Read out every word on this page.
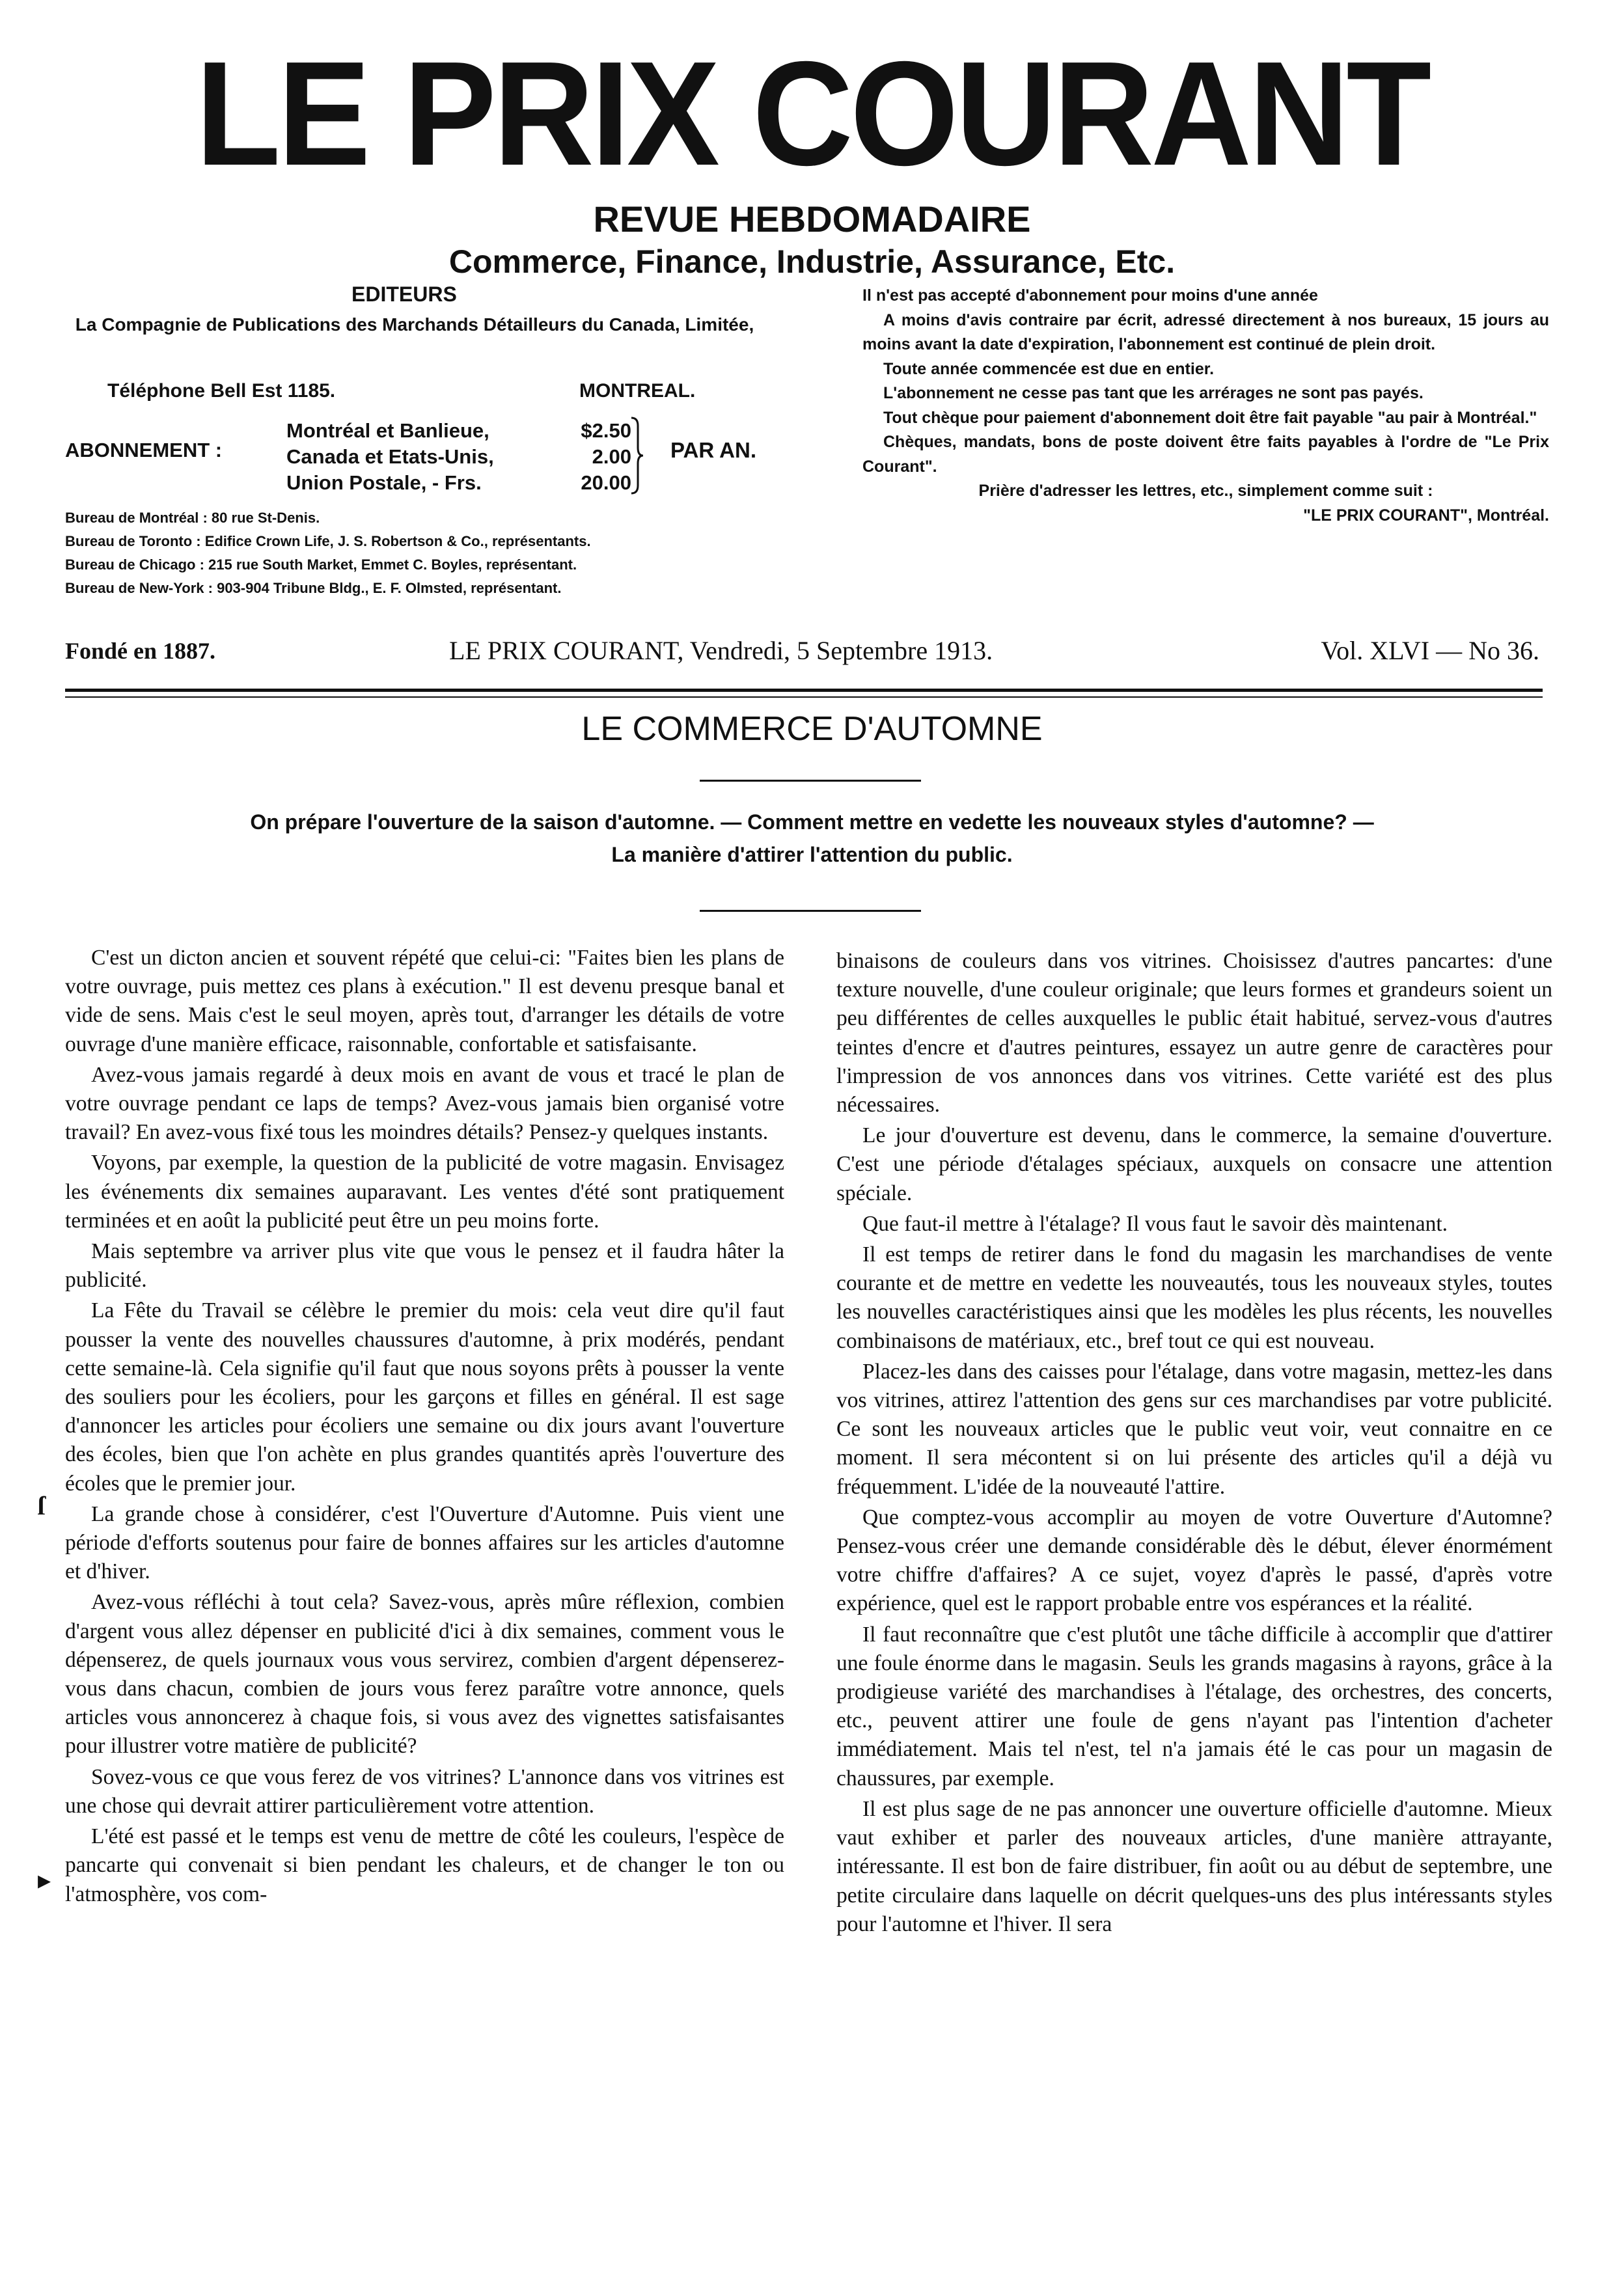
LE PRIX COURANT
REVUE HEBDOMADAIRE
Commerce, Finance, Industrie, Assurance, Etc.
EDITEURS
La Compagnie de Publications des Marchands Détailleurs du Canada, Limitée,
Téléphone Bell Est 1185.	MONTREAL.
ABONNEMENT :
Montréal et Banlieue,	$2.50
Canada et Etats-Unis,	2.00
Union Postale, - Frs.	20.00
PAR AN.
Bureau de Montréal : 80 rue St-Denis.
Bureau de Toronto : Edifice Crown Life, J. S. Robertson & Co., représentants.
Bureau de Chicago : 215 rue South Market, Emmet C. Boyles, représentant.
Bureau de New-York : 903-904 Tribune Bldg., E. F. Olmsted, représentant.

Il n'est pas accepté d'abonnement pour moins d'une année

A moins d'avis contraire par écrit, adressé directement à nos bureaux, 15 jours au moins avant la date d'expiration, l'abonnement est continué de plein droit.

Toute année commencée est due en entier.

L'abonnement ne cesse pas tant que les arrérages ne sont pas payés.

Tout chèque pour paiement d'abonnement doit être fait payable "au pair à Montréal."

Chèques, mandats, bons de poste doivent être faits payables à l'ordre de "Le Prix Courant".

Prière d'adresser les lettres, etc., simplement comme suit :

"LE PRIX COURANT", Montréal.

Fondé en 1887.	LE PRIX COURANT, Vendredi, 5 Septembre 1913.	Vol. XLVI — No 36.
LE COMMERCE D'AUTOMNE
On prépare l'ouverture de la saison d'automne. — Comment mettre en vedette les nouveaux styles d'automne? —
La manière d'attirer l'attention du public.

C'est un dicton ancien et souvent répété que celui-ci: "Faites bien les plans de votre ouvrage, puis mettez ces plans à exécution." Il est devenu presque banal et vide de sens. Mais c'est le seul moyen, après tout, d'arranger les détails de votre ouvrage d'une manière efficace, raisonnable, confortable et satisfaisante.

Avez-vous jamais regardé à deux mois en avant de vous et tracé le plan de votre ouvrage pendant ce laps de temps? Avez-vous jamais bien organisé votre travail? En avez-vous fixé tous les moindres détails? Pensez-y quelques instants.

Voyons, par exemple, la question de la publicité de votre magasin. Envisagez les événements dix semaines auparavant. Les ventes d'été sont pratiquement terminées et en août la publicité peut être un peu moins forte.

Mais septembre va arriver plus vite que vous le pensez et il faudra hâter la publicité.

La Fête du Travail se célèbre le premier du mois: cela veut dire qu'il faut pousser la vente des nouvelles chaussures d'automne, à prix modérés, pendant cette semaine-là. Cela signifie qu'il faut que nous soyons prêts à pousser la vente des souliers pour les écoliers, pour les garçons et filles en général. Il est sage d'annoncer les articles pour écoliers une semaine ou dix jours avant l'ouverture des écoles, bien que l'on achète en plus grandes quantités après l'ouverture des écoles que le premier jour.

La grande chose à considérer, c'est l'Ouverture d'Automne. Puis vient une période d'efforts soutenus pour faire de bonnes affaires sur les articles d'automne et d'hiver.

Avez-vous réfléchi à tout cela? Savez-vous, après mûre réflexion, combien d'argent vous allez dépenser en publicité d'ici à dix semaines, comment vous le dépenserez, de quels journaux vous vous servirez, combien d'argent dépenserez-vous dans chacun, combien de jours vous ferez paraître votre annonce, quels articles vous annoncerez à chaque fois, si vous avez des vignettes satisfaisantes pour illustrer votre matière de publicité?

Sovez-vous ce que vous ferez de vos vitrines? L'annonce dans vos vitrines est une chose qui devrait attirer particulièrement votre attention.

L'été est passé et le temps est venu de mettre de côté les couleurs, l'espèce de pancarte qui convenait si bien pendant les chaleurs, et de changer le ton ou l'atmosphère, vos com-

binaisons de couleurs dans vos vitrines. Choisissez d'autres pancartes: d'une texture nouvelle, d'une couleur originale; que leurs formes et grandeurs soient un peu différentes de celles auxquelles le public était habitué, servez-vous d'autres teintes d'encre et d'autres peintures, essayez un autre genre de caractères pour l'impression de vos annonces dans vos vitrines. Cette variété est des plus nécessaires.

Le jour d'ouverture est devenu, dans le commerce, la semaine d'ouverture. C'est une période d'étalages spéciaux, auxquels on consacre une attention spéciale.

Que faut-il mettre à l'étalage? Il vous faut le savoir dès maintenant.

Il est temps de retirer dans le fond du magasin les marchandises de vente courante et de mettre en vedette les nouveautés, tous les nouveaux styles, toutes les nouvelles caractéristiques ainsi que les modèles les plus récents, les nouvelles combinaisons de matériaux, etc., bref tout ce qui est nouveau.

Placez-les dans des caisses pour l'étalage, dans votre magasin, mettez-les dans vos vitrines, attirez l'attention des gens sur ces marchandises par votre publicité. Ce sont les nouveaux articles que le public veut voir, veut connaitre en ce moment. Il sera mécontent si on lui présente des articles qu'il a déjà vu fréquemment. L'idée de la nouveauté l'attire.

Que comptez-vous accomplir au moyen de votre Ouverture d'Automne? Pensez-vous créer une demande considérable dès le début, élever énormément votre chiffre d'affaires? A ce sujet, voyez d'après le passé, d'après votre expérience, quel est le rapport probable entre vos espérances et la réalité.

Il faut reconnaître que c'est plutôt une tâche difficile à accomplir que d'attirer une foule énorme dans le magasin. Seuls les grands magasins à rayons, grâce à la prodigieuse variété des marchandises à l'étalage, des orchestres, des concerts, etc., peuvent attirer une foule de gens n'ayant pas l'intention d'acheter immédiatement. Mais tel n'est, tel n'a jamais été le cas pour un magasin de chaussures, par exemple.

Il est plus sage de ne pas annoncer une ouverture officielle d'automne. Mieux vaut exhiber et parler des nouveaux articles, d'une manière attrayante, intéressante. Il est bon de faire distribuer, fin août ou au début de septembre, une petite circulaire dans laquelle on décrit quelques-uns des plus intéressants styles pour l'automne et l'hiver. Il sera

ſ
▸
